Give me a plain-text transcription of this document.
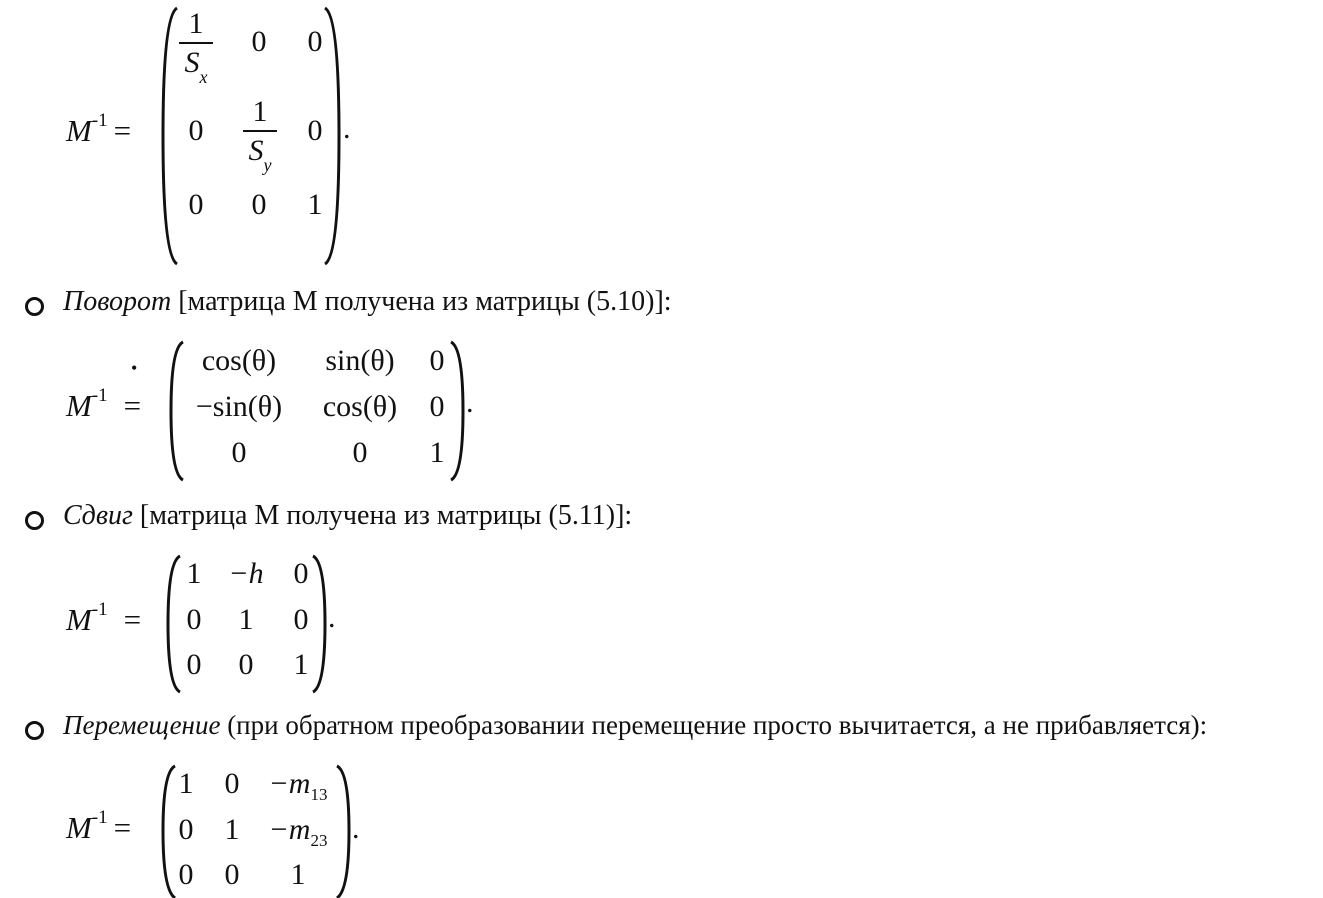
$M^{-1}$ =
1
$S_x$
0 0
0
1
$S_y$
0
0 0 1
.
Поворот [матрица М получена из матрицы (5.10)]:
•
$M^{-1}$ =
cos(θ) sin(θ) 0
−sin(θ) cos(θ) 0
0	0 1
.
Сдвиг [матрица М получена из матрицы (5.11)]:
$M^{-1}$ =
1 −h 0
0 1 0
0 0 1
.
Перемещение (при обратном преобразовании перемещение просто вычитается, а не прибавляется):
$M^{-1}$ =
1 $0 -m_{13}$
0 $1 -m_{23}$
0 0 1
.
